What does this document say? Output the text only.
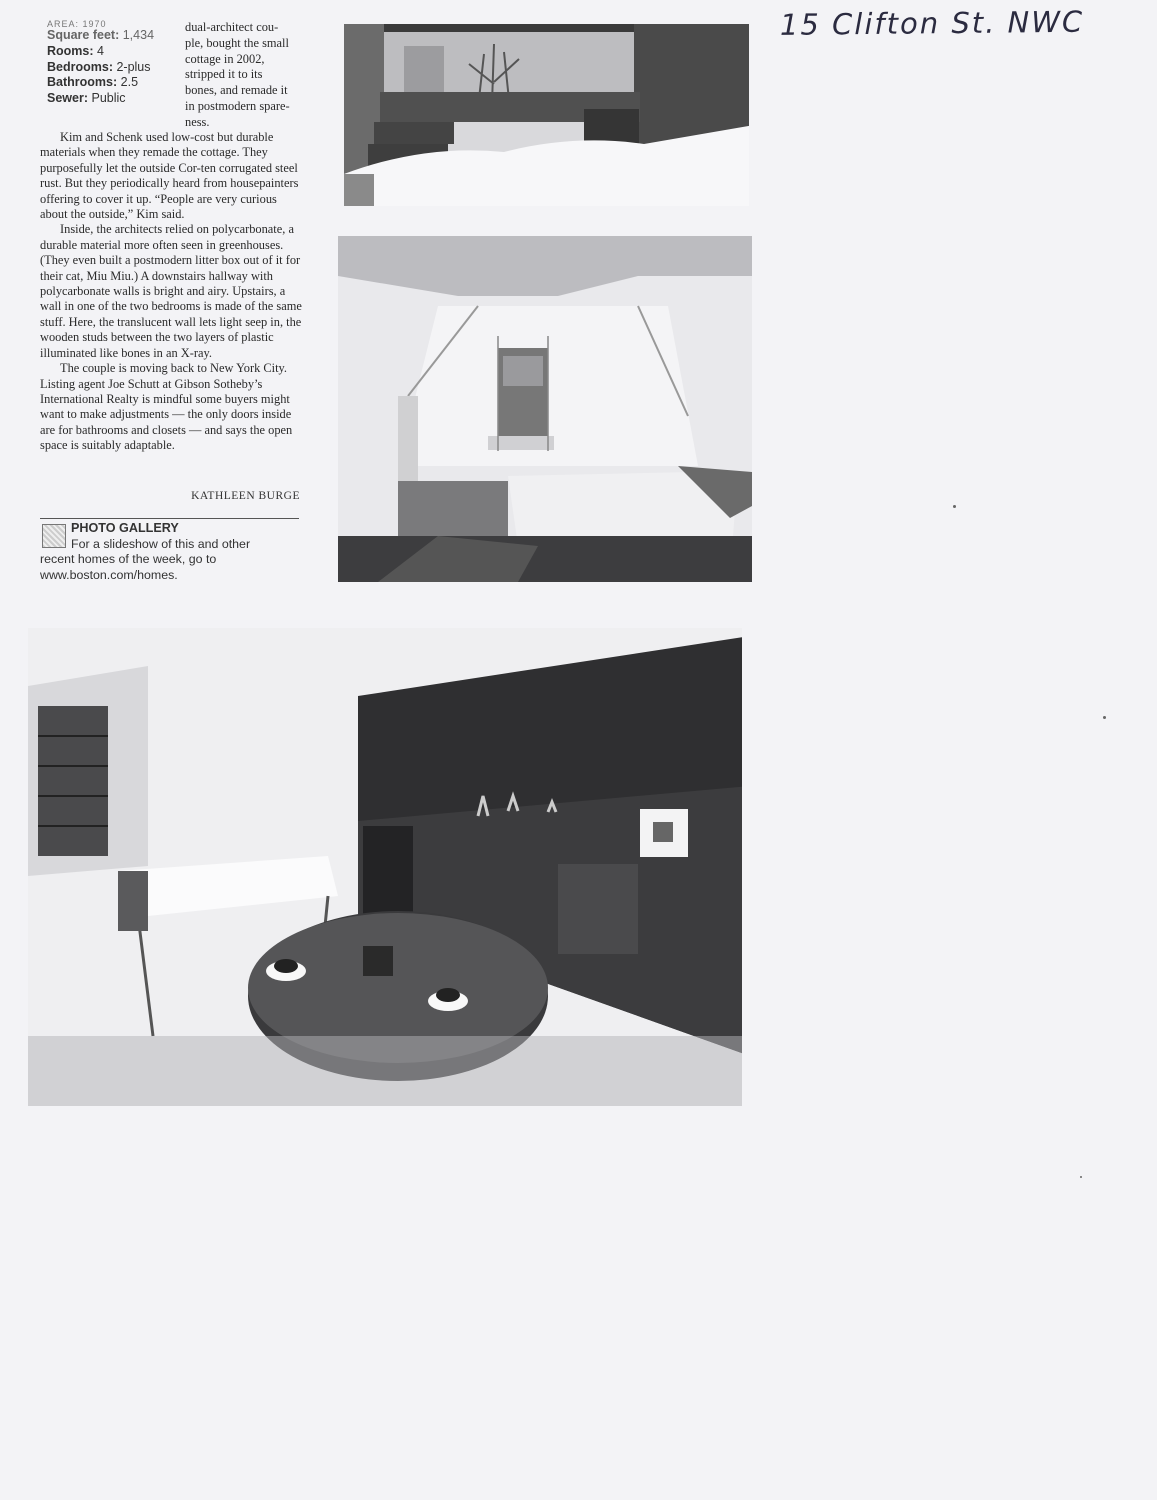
15 Clifton St. NWC
AREA: 1970
Square feet: 1,434
Rooms: 4
Bedrooms: 2-plus
Bathrooms: 2.5
Sewer: Public
dual-architect cou-
ple, bought the small
cottage in 2002,
stripped it to its
bones, and remade it
in postmodern spare-
ness.

Kim and Schenk used low-cost but durable materials when they remade the cottage. They purposefully let the outside Cor-ten corrugated steel rust. But they periodically heard from housepainters offering to cover it up. “People are very curious about the outside,” Kim said.

Inside, the architects relied on polycarbonate, a durable material more often seen in greenhouses. (They even built a postmodern litter box out of it for their cat, Miu Miu.) A downstairs hallway with polycarbonate walls is bright and airy. Upstairs, a wall in one of the two bedrooms is made of the same stuff. Here, the translucent wall lets light seep in, the wooden studs between the two layers of plastic illuminated like bones in an X-ray.

The couple is moving back to New York City. Listing agent Joe Schutt at Gibson Sotheby’s International Realty is mindful some buyers might want to make adjustments — the only doors inside are for bathrooms and closets — and says the open space is suitably adaptable.

KATHLEEN BURGE
PHOTO GALLERY
For a slideshow of this and other
recent homes of the week, go to
www.boston.com/homes.
